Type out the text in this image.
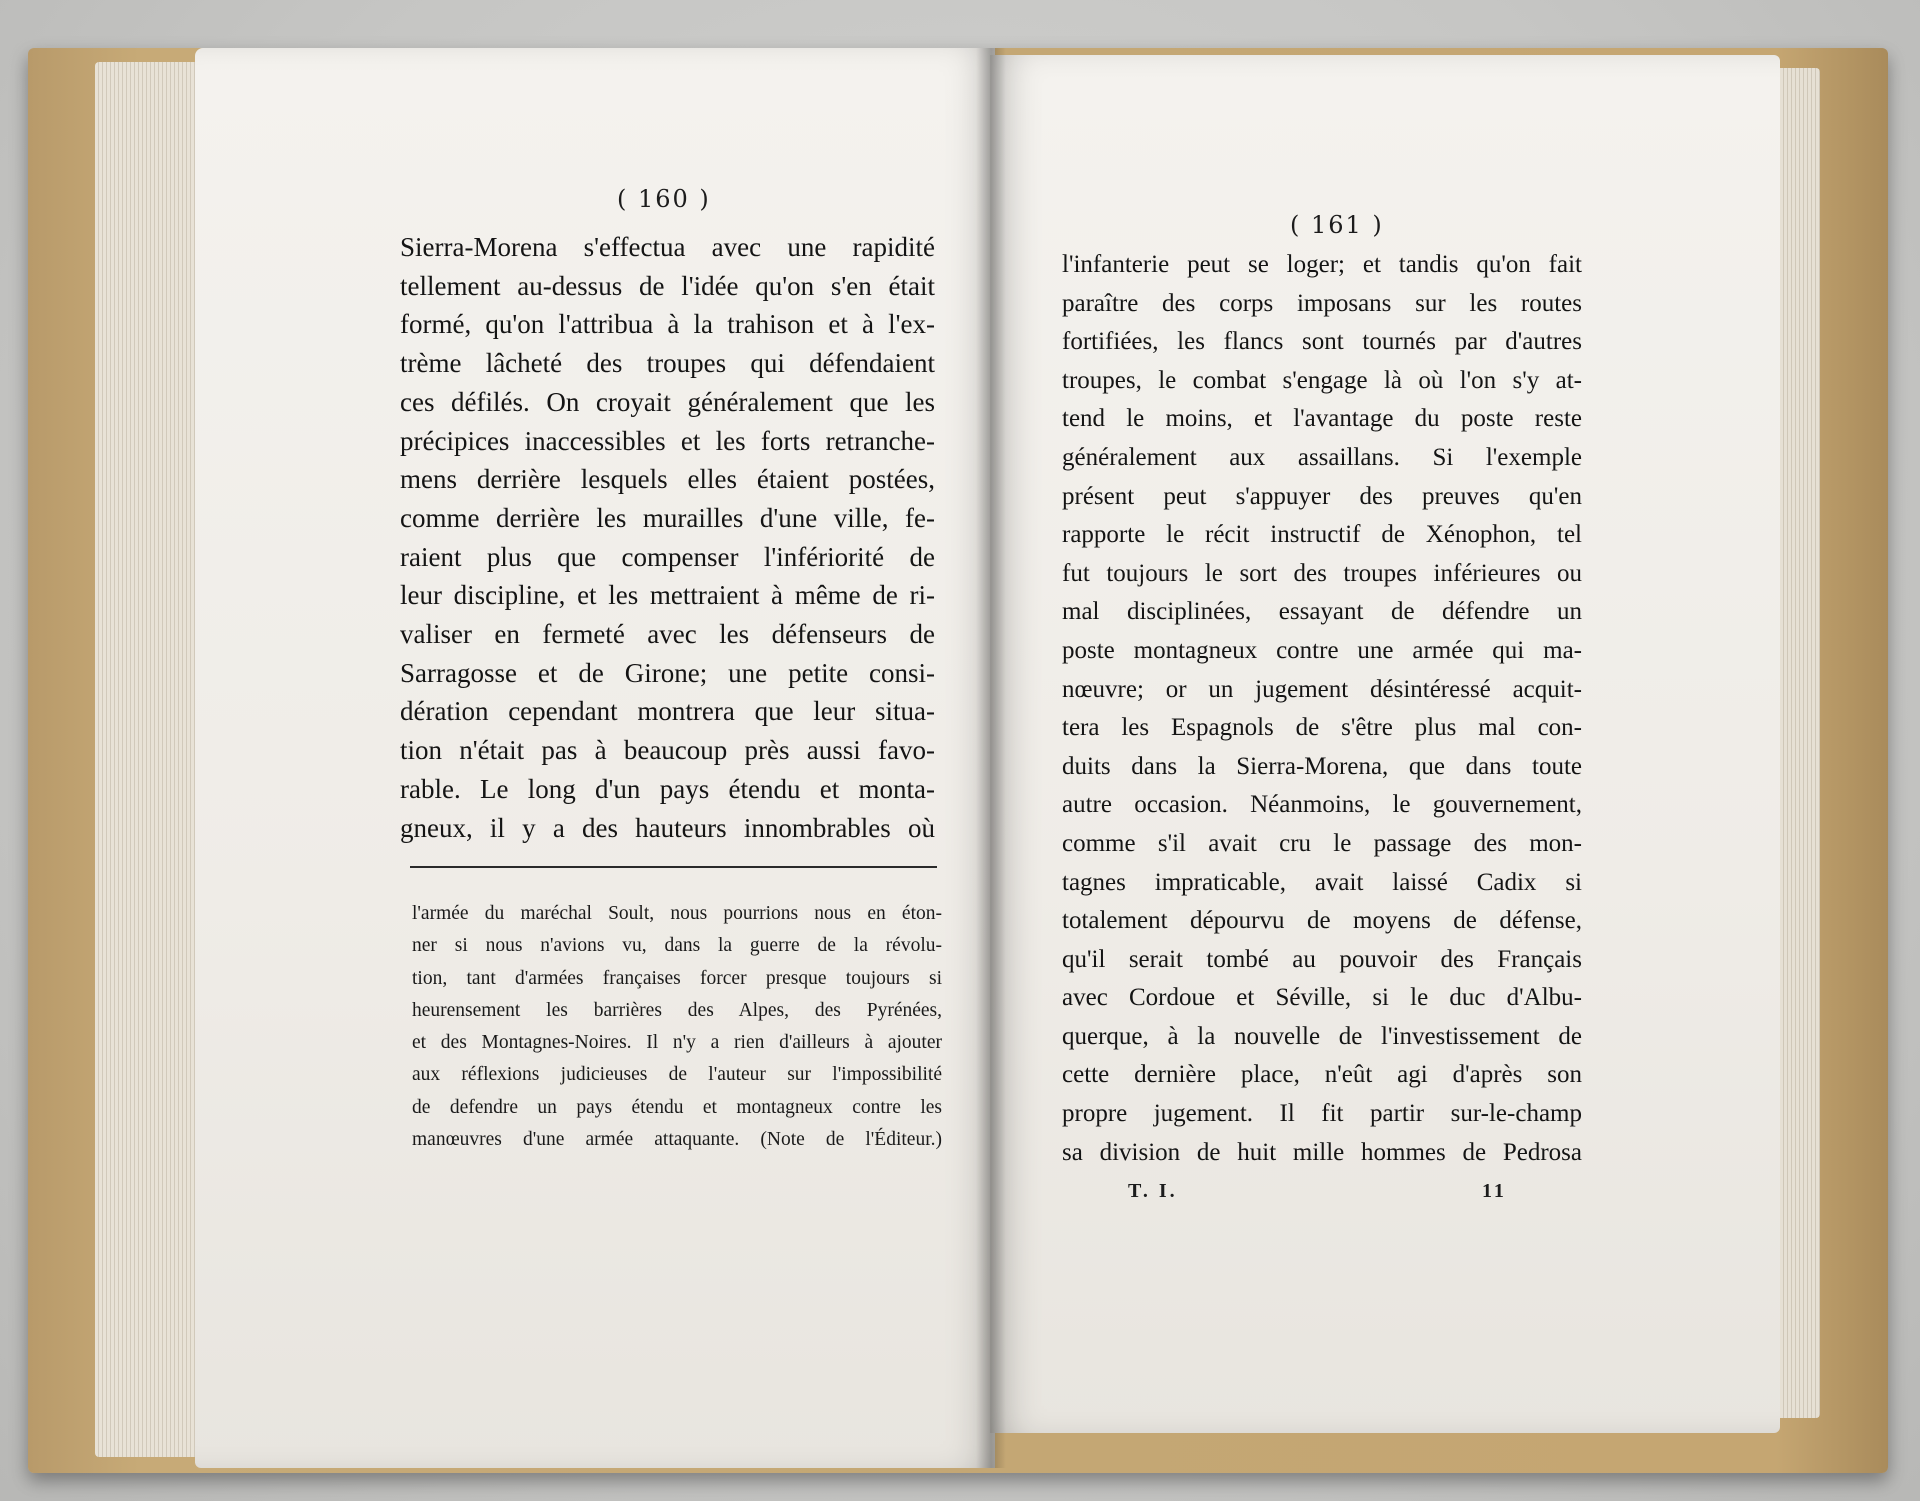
( 160 )
Sierra-Morena s'effectua avec une rapidité
tellement au-dessus de l'idée qu'on s'en était
formé, qu'on l'attribua à la trahison et à l'ex-
trème lâcheté des troupes qui défendaient
ces défilés. On croyait généralement que les
précipices inaccessibles et les forts retranche-
mens derrière lesquels elles étaient postées,
comme derrière les murailles d'une ville, fe-
raient plus que compenser l'infériorité de
leur discipline, et les mettraient à même de ri-
valiser en fermeté avec les défenseurs de
Sarragosse et de Girone; une petite consi-
dération cependant montrera que leur situa-
tion n'était pas à beaucoup près aussi favo-
rable. Le long d'un pays étendu et monta-
gneux, il y a des hauteurs innombrables où
l'armée du maréchal Soult, nous pourrions nous en éton-
ner si nous n'avions vu, dans la guerre de la révolu-
tion, tant d'armées françaises forcer presque toujours si
heurensement les barrières des Alpes, des Pyrénées,
et des Montagnes-Noires. Il n'y a rien d'ailleurs à ajouter
aux réflexions judicieuses de l'auteur sur l'impossibilité
de defendre un pays étendu et montagneux contre les
manœuvres d'une armée attaquante. (Note de l'Éditeur.)
( 161 )
l'infanterie peut se loger; et tandis qu'on fait
paraître des corps imposans sur les routes
fortifiées, les flancs sont tournés par d'autres
troupes, le combat s'engage là où l'on s'y at-
tend le moins, et l'avantage du poste reste
généralement aux assaillans. Si l'exemple
présent peut s'appuyer des preuves qu'en
rapporte le récit instructif de Xénophon, tel
fut toujours le sort des troupes inférieures ou
mal disciplinées, essayant de défendre un
poste montagneux contre une armée qui ma-
nœuvre; or un jugement désintéressé acquit-
tera les Espagnols de s'être plus mal con-
duits dans la Sierra-Morena, que dans toute
autre occasion. Néanmoins, le gouvernement,
comme s'il avait cru le passage des mon-
tagnes impraticable, avait laissé Cadix si
totalement dépourvu de moyens de défense,
qu'il serait tombé au pouvoir des Français
avec Cordoue et Séville, si le duc d'Albu-
querque, à la nouvelle de l'investissement de
cette dernière place, n'eût agi d'après son
propre jugement. Il fit partir sur-le-champ
sa division de huit mille hommes de Pedrosa
T. I.	11
